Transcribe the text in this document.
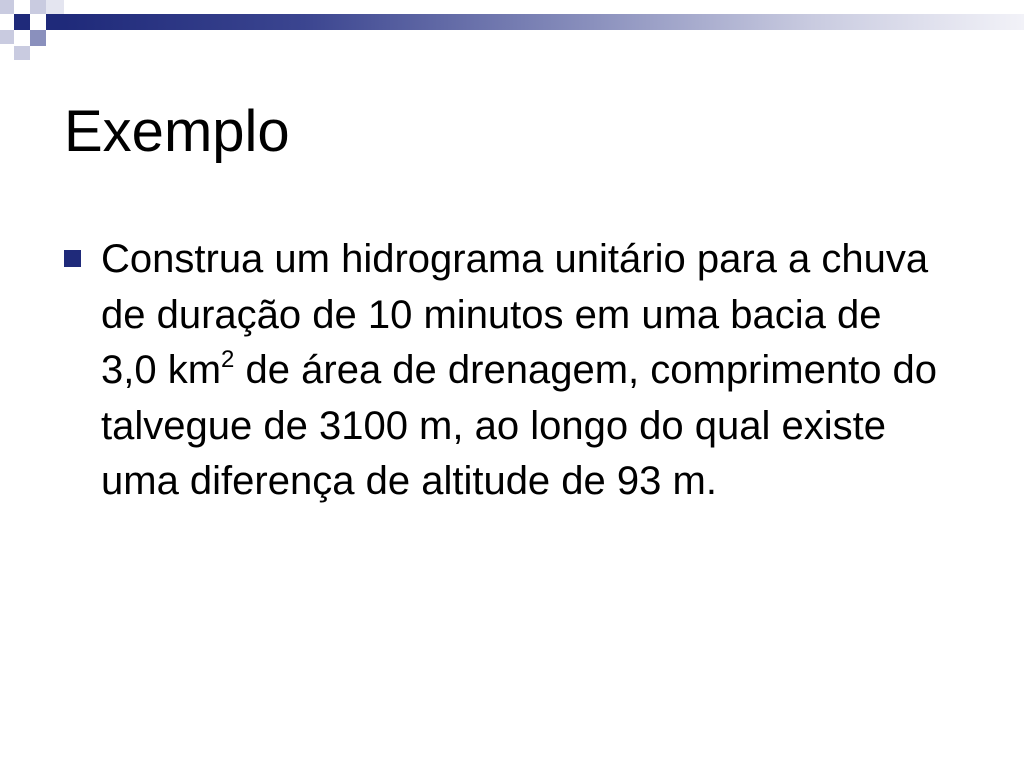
Exemplo
Construa um hidrograma unitário para a chuva de duração de 10 minutos em uma bacia de 3,0 $km^2$ de área de drenagem, comprimento do talvegue de 3100 m, ao longo do qual existe uma diferença de altitude de 93 m.
